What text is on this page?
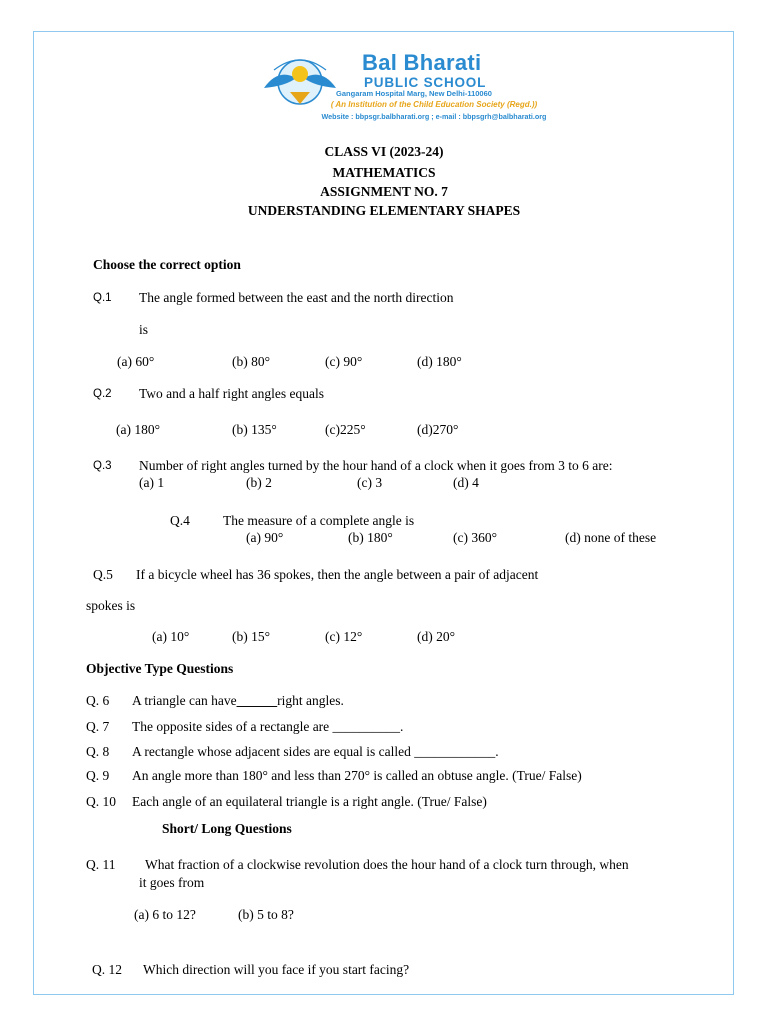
Bal Bharati
PUBLIC SCHOOL
Gangaram Hospital Marg, New Delhi-110060
( An Institution of the Child Education Society (Regd.))
Website : bbpsgr.balbharati.org ; e-mail : bbpsgrh@balbharati.org
CLASS VI (2023-24)
MATHEMATICS
ASSIGNMENT NO. 7
UNDERSTANDING ELEMENTARY SHAPES
Choose the correct option
Q.1 The angle formed between the east and the north direction
is
(a) 60°	(b) 80°	(c) 90°	(d) 180°
Q.2 Two and a half right angles equals
(a) 180°	(b) 135°	(c)225°	(d)270°
Q.3 Number of right angles turned by the hour hand of a clock when it goes from 3 to 6 are:
(a) 1	(b) 2	(c) 3	(d) 4
Q.4 The measure of a complete angle is
(a) 90°	(b) 180°	(c) 360°	(d) none of these
Q.5 If a bicycle wheel has 36 spokes, then the angle between a pair of adjacent
spokes is
(a) 10°	(b) 15°	(c) 12°	(d) 20°
Objective Type Questions
Q. 6 A triangle can have______right angles.
Q. 7 The opposite sides of a rectangle are __________.
Q. 8 A rectangle whose adjacent sides are equal is called ____________.
Q. 9 An angle more than 180° and less than 270° is called an obtuse angle. (True/ False)
Q. 10 Each angle of an equilateral triangle is a right angle. (True/ False)
Short/ Long Questions
Q. 11 What fraction of a clockwise revolution does the hour hand of a clock turn through, when
it goes from
(a) 6 to 12?	(b) 5 to 8?
Q. 12 Which direction will you face if you start facing?
